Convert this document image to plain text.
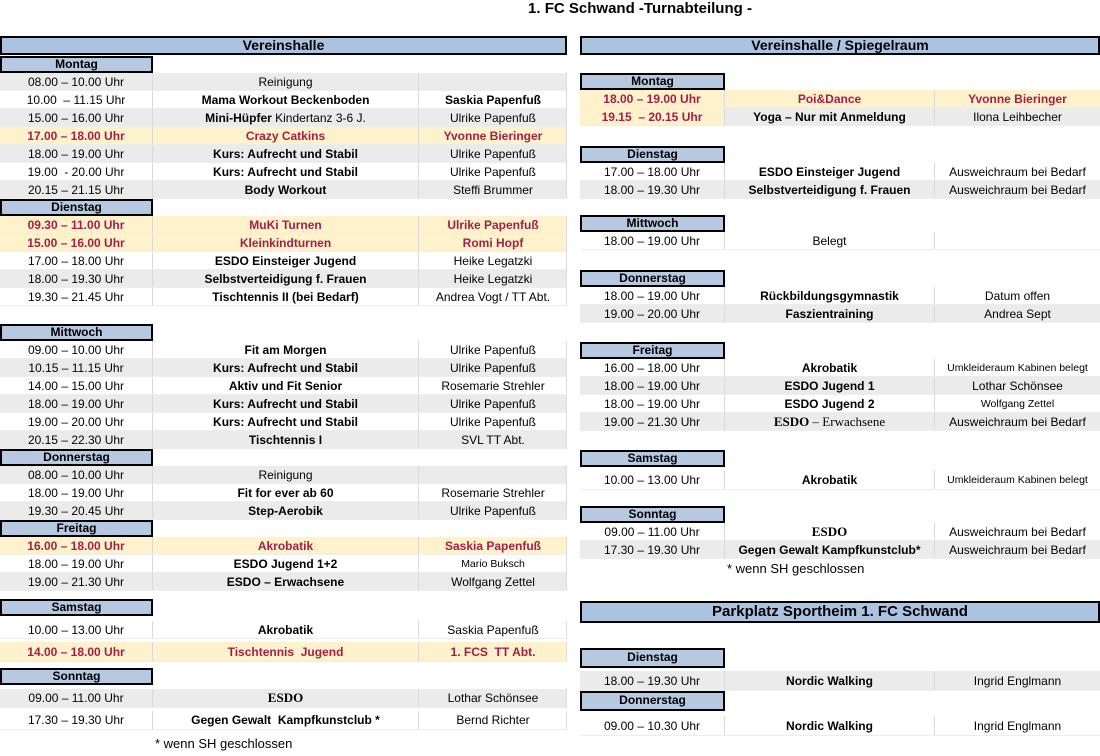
1. FC Schwand -Turnabteilung -
Vereinshalle
Montag
08.00 – 10.00 Uhr	Reinigung
10.00  – 11.15 Uhr	Mama Workout Beckenboden	Saskia Papenfuß
15.00 – 16.00 Uhr	Mini-Hüpfer Kindertanz 3-6 J.	Ulrike Papenfuß
17.00 – 18.00 Uhr	Crazy Catkins	Yvonne Bieringer
18.00 – 19.00 Uhr	Kurs: Aufrecht und Stabil	Ulrike Papenfuß
19.00  - 20.00 Uhr	Kurs: Aufrecht und Stabil	Ulrike Papenfuß
20.15 – 21.15 Uhr	Body Workout	Steffi Brummer
Dienstag
09.30 – 11.00 Uhr	MuKi Turnen	Ulrike Papenfuß
15.00 – 16.00 Uhr	Kleinkindturnen	Romi Hopf
17.00 – 18.00 Uhr	ESDO Einsteiger Jugend	Heike Legatzki
18.00 – 19.30 Uhr	Selbstverteidigung f. Frauen	Heike Legatzki
19.30 – 21.45 Uhr	Tischtennis II (bei Bedarf)	Andrea Vogt / TT Abt.
Mittwoch
09.00 – 10.00 Uhr	Fit am Morgen	Ulrike Papenfuß
10.15 – 11.15 Uhr	Kurs: Aufrecht und Stabil	Ulrike Papenfuß
14.00 – 15.00 Uhr	Aktiv und Fit Senior	Rosemarie Strehler
18.00 – 19.00 Uhr	Kurs: Aufrecht und Stabil	Ulrike Papenfuß
19.00 – 20.00 Uhr	Kurs: Aufrecht und Stabil	Ulrike Papenfuß
20.15 – 22.30 Uhr	Tischtennis I	SVL TT Abt.
Donnerstag
08.00 – 10.00 Uhr	Reinigung
18.00 – 19.00 Uhr	Fit for ever ab 60	Rosemarie Strehler
19.30 – 20.45 Uhr	Step-Aerobik	Ulrike Papenfuß
Freitag
16.00 – 18.00 Uhr	Akrobatik	Saskia Papenfuß
18.00 – 19.00 Uhr	ESDO Jugend 1+2	Mario Buksch
19.00 – 21.30 Uhr	ESDO – Erwachsene	Wolfgang Zettel
Samstag
10.00 – 13.00 Uhr	Akrobatik	Saskia Papenfuß
14.00 – 18.00 Uhr	Tischtennis  Jugend	1. FCS  TT Abt.
Sonntag
09.00 – 11.00 Uhr	ESDO	Lothar Schönsee
17.30 – 19.30 Uhr	Gegen Gewalt  Kampfkunstclub *	Bernd Richter
* wenn SH geschlossen
Vereinshalle / Spiegelraum
Montag
18.00 – 19.00 Uhr	Poi&Dance	Yvonne Bieringer
19.15  – 20.15 Uhr	Yoga – Nur mit Anmeldung	Ilona Leihbecher
Dienstag
17.00 – 18.00 Uhr	ESDO Einsteiger Jugend	Ausweichraum bei Bedarf
18.00 – 19.30 Uhr	Selbstverteidigung f. Frauen	Ausweichraum bei Bedarf
Mittwoch
18.00 – 19.00 Uhr	Belegt
Donnerstag
18.00 – 19.00 Uhr	Rückbildungsgymnastik	Datum offen
19.00 – 20.00 Uhr	Faszientraining	Andrea Sept
Freitag
16.00 – 18.00 Uhr	Akrobatik	Umkleideraum Kabinen belegt
18.00 – 19.00 Uhr	ESDO Jugend 1	Lothar Schönsee
18.00 – 19.00 Uhr	ESDO Jugend 2	Wolfgang Zettel
19.00 – 21.30 Uhr	ESDO – Erwachsene	Ausweichraum bei Bedarf
Samstag
10.00 – 13.00 Uhr	Akrobatik	Umkleideraum Kabinen belegt
Sonntag
09.00 – 11.00 Uhr	ESDO	Ausweichraum bei Bedarf
17.30 – 19.30 Uhr	Gegen Gewalt Kampfkunstclub*	Ausweichraum bei Bedarf
* wenn SH geschlossen
Parkplatz Sportheim 1. FC Schwand
Dienstag
18.00 – 19.30 Uhr	Nordic Walking	Ingrid Englmann
Donnerstag
09.00 – 10.30 Uhr	Nordic Walking	Ingrid Englmann
